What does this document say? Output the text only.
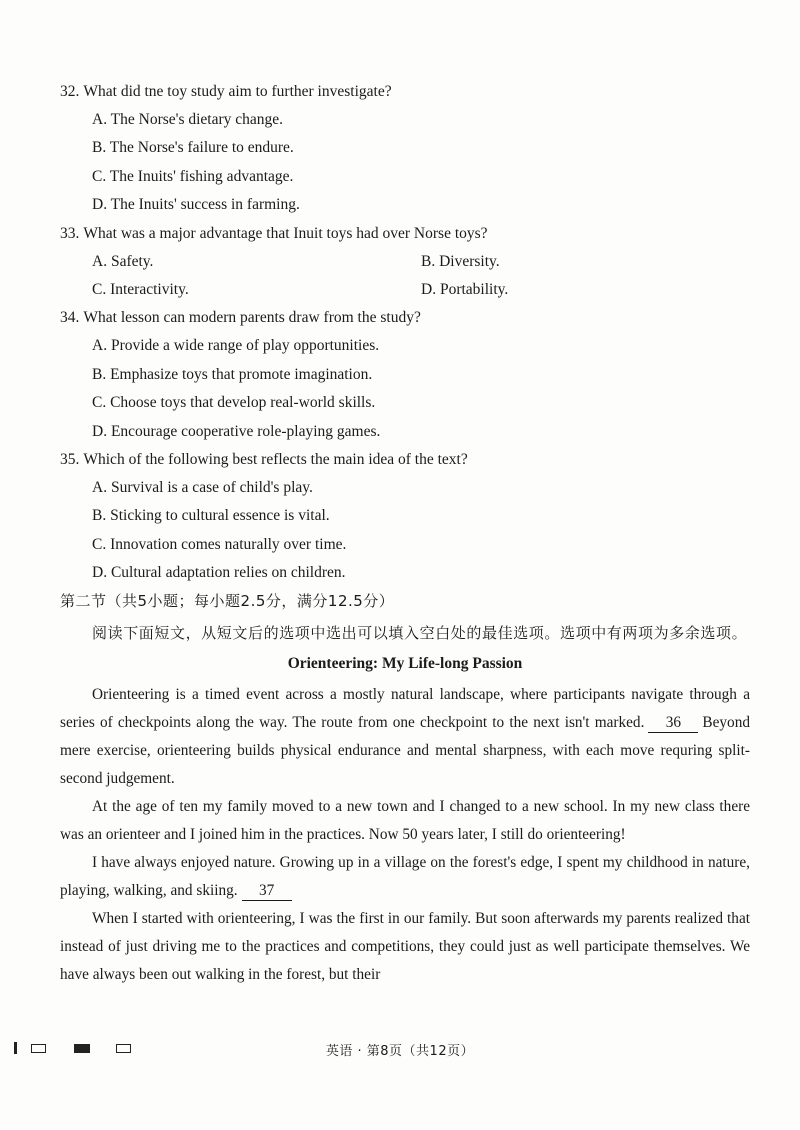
32. What did tne toy study aim to further investigate?
A. The Norse's dietary change.
B. The Norse's failure to endure.
C. The Inuits' fishing advantage.
D. The Inuits' success in farming.
33. What was a major advantage that Inuit toys had over Norse toys?
A. Safety.	B. Diversity.
C. Interactivity.	D. Portability.
34. What lesson can modern parents draw from the study?
A. Provide a wide range of play opportunities.
B. Emphasize toys that promote imagination.
C. Choose toys that develop real-world skills.
D. Encourage cooperative role-playing games.
35. Which of the following best reflects the main idea of the text?
A. Survival is a case of child's play.
B. Sticking to cultural essence is vital.
C. Innovation comes naturally over time.
D. Cultural adaptation relies on children.
第二节（共5小题；每小题2.5分，满分12.5分）
阅读下面短文，从短文后的选项中选出可以填入空白处的最佳选项。选项中有两项为多余选项。
Orienteering: My Life-long Passion

Orienteering is a timed event across a mostly natural landscape, where participants navigate through a series of checkpoints along the way. The route from one checkpoint to the next isn't marked. 36 Beyond mere exercise, orienteering builds physical endurance and mental sharpness, with each move requring split-second judgement.

At the age of ten my family moved to a new town and I changed to a new school. In my new class there was an orienteer and I joined him in the practices. Now 50 years later, I still do orienteering!

I have always enjoyed nature. Growing up in a village on the forest's edge, I spent my childhood in nature, playing, walking, and skiing. 37

When I started with orienteering, I was the first in our family. But soon afterwards my parents realized that instead of just driving me to the practices and competitions, they could just as well participate themselves. We have always been out walking in the forest, but their

英语 · 第8页（共12页）
